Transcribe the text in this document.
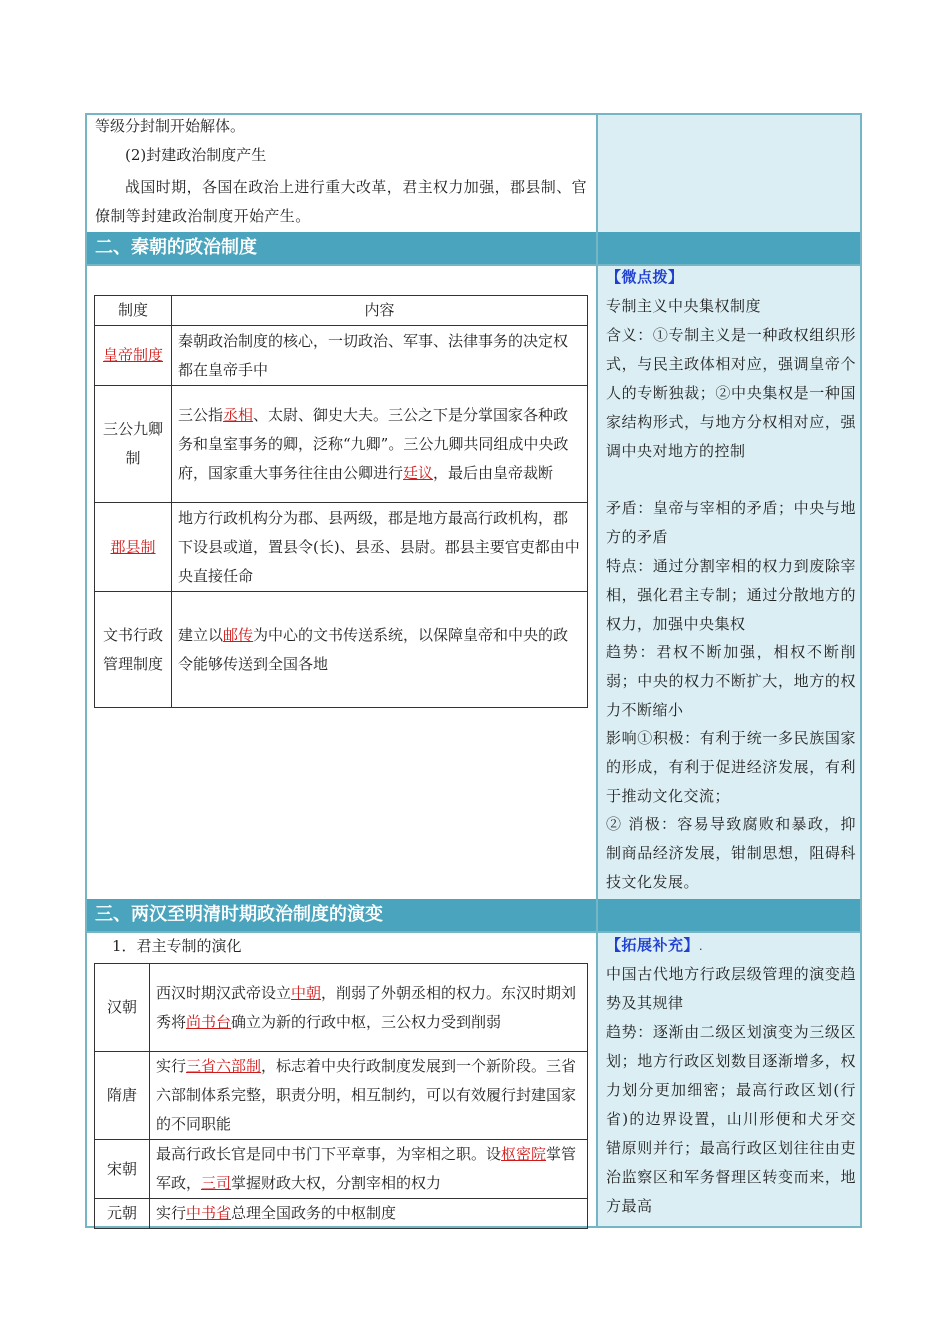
二、秦朝的政治制度
三、两汉至明清时期政治制度的演变

等级分封制开始解体。

(2)封建政治制度产生

战国时期，各国在政治上进行重大改革，君主权力加强，郡县制、官僚制等封建政治制度开始产生。

制度	内容
皇帝制度	秦朝政治制度的核心，一切政治、军事、法律事务的决定权都在皇帝手中
三公九卿制	三公指丞相、太尉、御史大夫。三公之下是分掌国家各种政务和皇室事务的卿，泛称“九卿”。三公九卿共同组成中央政府，国家重大事务往往由公卿进行廷议，最后由皇帝裁断
郡县制	地方行政机构分为郡、县两级，郡是地方最高行政机构，郡下设县或道，置县令(长)、县丞、县尉。郡县主要官吏都由中央直接任命
文书行政管理制度	建立以邮传为中心的文书传送系统，以保障皇帝和中央的政令能够传送到全国各地

【微点拨】

专制主义中央集权制度

含义：①专制主义是一种政权组织形式，与民主政体相对应，强调皇帝个人的专断独裁；②中央集权是一种国家结构形式，与地方分权相对应，强调中央对地方的控制

矛盾：皇帝与宰相的矛盾；中央与地方的矛盾

特点：通过分割宰相的权力到废除宰相，强化君主专制；通过分散地方的权力，加强中央集权

趋势：君权不断加强，相权不断削弱；中央的权力不断扩大，地方的权力不断缩小

影响①积极：有利于统一多民族国家的形成，有利于促进经济发展，有利于推动文化交流；

② 消极：容易导致腐败和暴政，抑制商品经济发展，钳制思想，阻碍科技文化发展。

1．君主专制的演化

汉朝	西汉时期汉武帝设立中朝，削弱了外朝丞相的权力。东汉时期刘秀将尚书台确立为新的行政中枢，三公权力受到削弱
隋唐	实行三省六部制，标志着中央行政制度发展到一个新阶段。三省六部制体系完整，职责分明，相互制约，可以有效履行封建国家的不同职能
宋朝	最高行政长官是同中书门下平章事，为宰相之职。设枢密院掌管军政，三司掌握财政大权，分割宰相的权力
元朝	实行中书省总理全国政务的中枢制度

【拓展补充】.

中国古代地方行政层级管理的演变趋势及其规律

趋势：逐渐由二级区划演变为三级区划；地方行政区划数目逐渐增多，权力划分更加细密；最高行政区划(行省)的边界设置，山川形便和犬牙交错原则并行；最高行政区划往往由吏治监察区和军务督理区转变而来，地方最高
